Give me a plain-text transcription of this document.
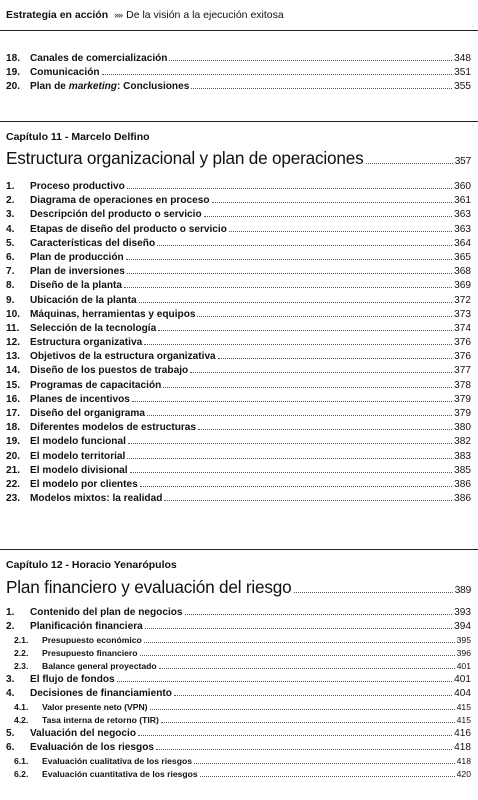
Estrategia en acción ›››› De la visión a la ejecución exitosa
18. Canales de comercialización	348
19. Comunicación	351
20. Plan de marketing: Conclusiones	355
Capítulo 11 - Marcelo Delfino
Estructura organizacional y plan de operaciones	357
1.	Proceso productivo	360
2.	Diagrama de operaciones en proceso	361
3.	Descripción del producto o servicio	363
4.	Etapas de diseño del producto o servicio	363
5.	Características del diseño	364
6.	Plan de producción	365
7.	Plan de inversiones	368
8.	Diseño de la planta	369
9.	Ubicación de la planta	372
10. Máquinas, herramientas y equipos	373
11.	Selección de la tecnología	374
12. Estructura organizativa	376
13. Objetivos de la estructura organizativa	376
14. Diseño de los puestos de trabajo	377
15. Programas de capacitación	378
16. Planes de incentivos	379
17. Diseño del organigrama	379
18. Diferentes modelos de estructuras	380
19. El modelo funcional	382
20. El modelo territorial	383
21. El modelo divisional	385
22. El modelo por clientes	386
23. Modelos mixtos: la realidad	386
Capítulo 12 - Horacio Yenarópulos
Plan financiero y evaluación del riesgo	389
1.	Contenido del plan de negocios	393
2.	Planificación financiera	394
2.1.	Presupuesto económico	395
2.2.	Presupuesto financiero	396
2.3.	Balance general proyectado	401
3.	El flujo de fondos	401
4.	Decisiones de financiamiento	404
4.1.	Valor presente neto (VPN)	415
4.2.	Tasa interna de retorno (TIR)	415
5.	Valuación del negocio	416
6.	Evaluación de los riesgos	418
6.1.	Evaluación cualitativa de los riesgos	418
6.2.	Evaluación cuantitativa de los riesgos	420
